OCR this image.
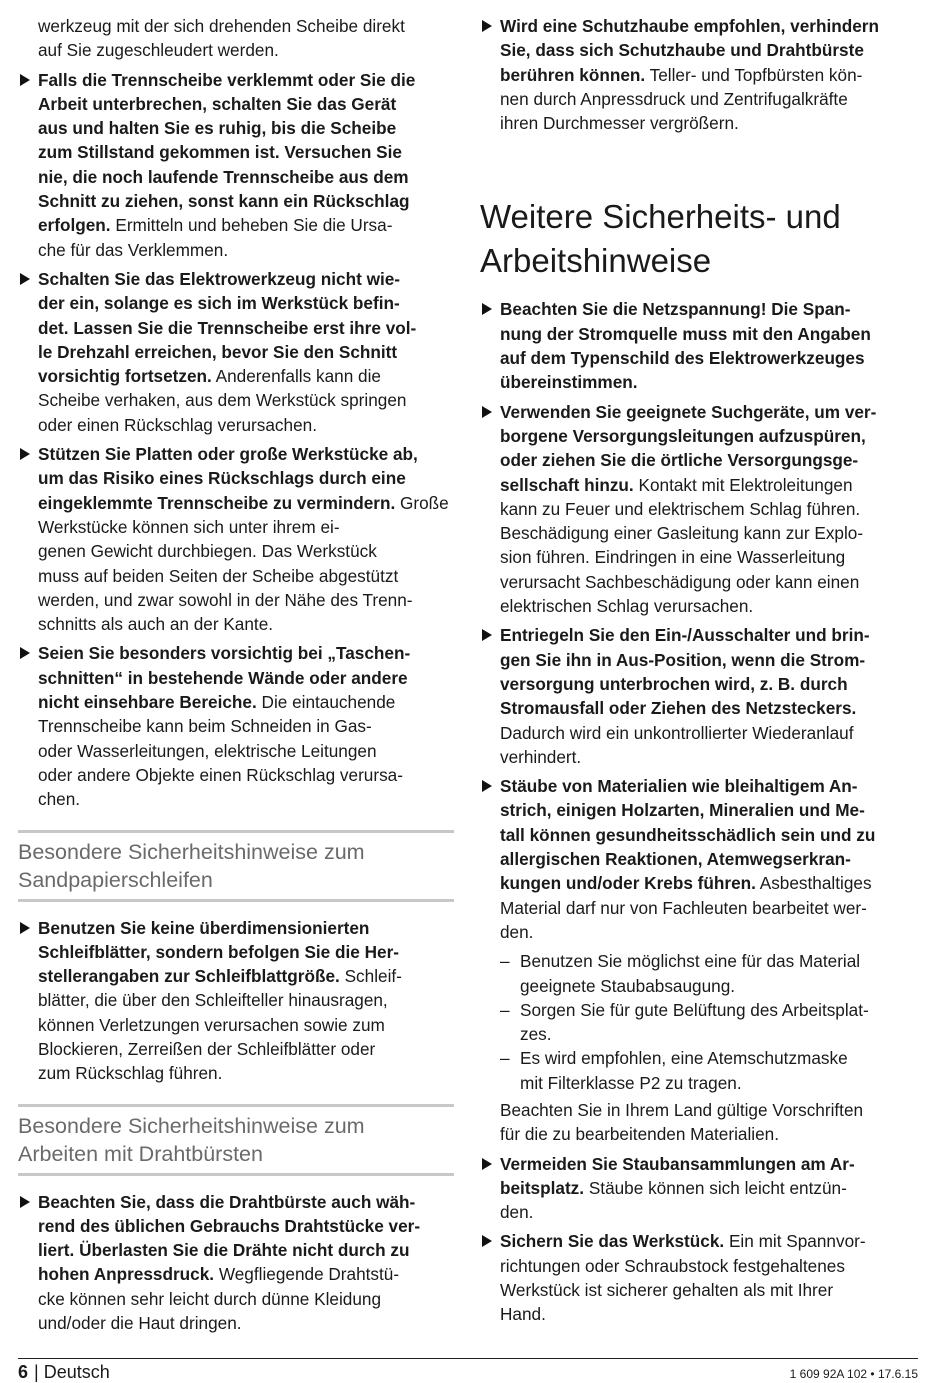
werkzeug mit der sich drehenden Scheibe direkt
auf Sie zugeschleudert werden.

Falls die Trennscheibe verklemmt oder Sie die
Arbeit unterbrechen, schalten Sie das Gerät
aus und halten Sie es ruhig, bis die Scheibe
zum Stillstand gekommen ist. Versuchen Sie
nie, die noch laufende Trennscheibe aus dem
Schnitt zu ziehen, sonst kann ein Rückschlag
erfolgen. Ermitteln und beheben Sie die Ursa-
che für das Verklemmen.
Schalten Sie das Elektrowerkzeug nicht wie-
der ein, solange es sich im Werkstück befin-
det. Lassen Sie die Trennscheibe erst ihre vol-
le Drehzahl erreichen, bevor Sie den Schnitt
vorsichtig fortsetzen. Anderenfalls kann die
Scheibe verhaken, aus dem Werkstück springen
oder einen Rückschlag verursachen.
Stützen Sie Platten oder große Werkstücke ab,
um das Risiko eines Rückschlags durch eine
eingeklemmte Trennscheibe zu vermindern. Große Werkstücke können sich unter ihrem ei-
genen Gewicht durchbiegen. Das Werkstück
muss auf beiden Seiten der Scheibe abgestützt
werden, und zwar sowohl in der Nähe des Trenn-
schnitts als auch an der Kante.
Seien Sie besonders vorsichtig bei „Taschen-
schnitten“ in bestehende Wände oder andere
nicht einsehbare Bereiche. Die eintauchende
Trennscheibe kann beim Schneiden in Gas-
oder Wasserleitungen, elektrische Leitungen
oder andere Objekte einen Rückschlag verursa-
chen.
Besondere Sicherheitshinweise zum
Sandpapierschleifen
Benutzen Sie keine überdimensionierten
Schleifblätter, sondern befolgen Sie die Her-
stellerangaben zur Schleifblattgröße. Schleif-
blätter, die über den Schleifteller hinausragen,
können Verletzungen verursachen sowie zum
Blockieren, Zerreißen der Schleifblätter oder
zum Rückschlag führen.
Besondere Sicherheitshinweise zum
Arbeiten mit Drahtbürsten
Beachten Sie, dass die Drahtbürste auch wäh-
rend des üblichen Gebrauchs Drahtstücke ver-
liert. Überlasten Sie die Drähte nicht durch zu
hohen Anpressdruck. Wegfliegende Drahtstü-
cke können sehr leicht durch dünne Kleidung
und/oder die Haut dringen.
Wird eine Schutzhaube empfohlen, verhindern
Sie, dass sich Schutzhaube und Drahtbürste
berühren können. Teller- und Topfbürsten kön-
nen durch Anpressdruck und Zentrifugalkräfte
ihren Durchmesser vergrößern.
Weitere Sicherheits- und
Arbeitshinweise
Beachten Sie die Netzspannung! Die Span-
nung der Stromquelle muss mit den Angaben
auf dem Typenschild des Elektrowerkzeuges
übereinstimmen.
Verwenden Sie geeignete Suchgeräte, um ver-
borgene Versorgungsleitungen aufzuspüren,
oder ziehen Sie die örtliche Versorgungsge-
sellschaft hinzu. Kontakt mit Elektroleitungen
kann zu Feuer und elektrischem Schlag führen.
Beschädigung einer Gasleitung kann zur Explo-
sion führen. Eindringen in eine Wasserleitung
verursacht Sachbeschädigung oder kann einen
elektrischen Schlag verursachen.
Entriegeln Sie den Ein-/Ausschalter und brin-
gen Sie ihn in Aus-Position, wenn die Strom-
versorgung unterbrochen wird, z. B. durch
Stromausfall oder Ziehen des Netzsteckers. Dadurch wird ein unkontrollierter Wiederanlauf
verhindert.
Stäube von Materialien wie bleihaltigem An-
strich, einigen Holzarten, Mineralien und Me-
tall können gesundheitsschädlich sein und zu
allergischen Reaktionen, Atemwegserkran-
kungen und/oder Krebs führen. Asbesthaltiges
Material darf nur von Fachleuten bearbeitet wer-
den.
– Benutzen Sie möglichst eine für das Material
geeignete Staubabsaugung.
– Sorgen Sie für gute Belüftung des Arbeitsplat-
zes.
– Es wird empfohlen, eine Atemschutzmaske
mit Filterklasse P2 zu tragen.

Beachten Sie in Ihrem Land gültige Vorschriften
für die zu bearbeitenden Materialien.

Vermeiden Sie Staubansammlungen am Ar-
beitsplatz. Stäube können sich leicht entzün-
den.
Sichern Sie das Werkstück. Ein mit Spannvor-
richtungen oder Schraubstock festgehaltenes
Werkstück ist sicherer gehalten als mit Ihrer
Hand.
6 | Deutsch	1 609 92A 102 • 17.6.15
